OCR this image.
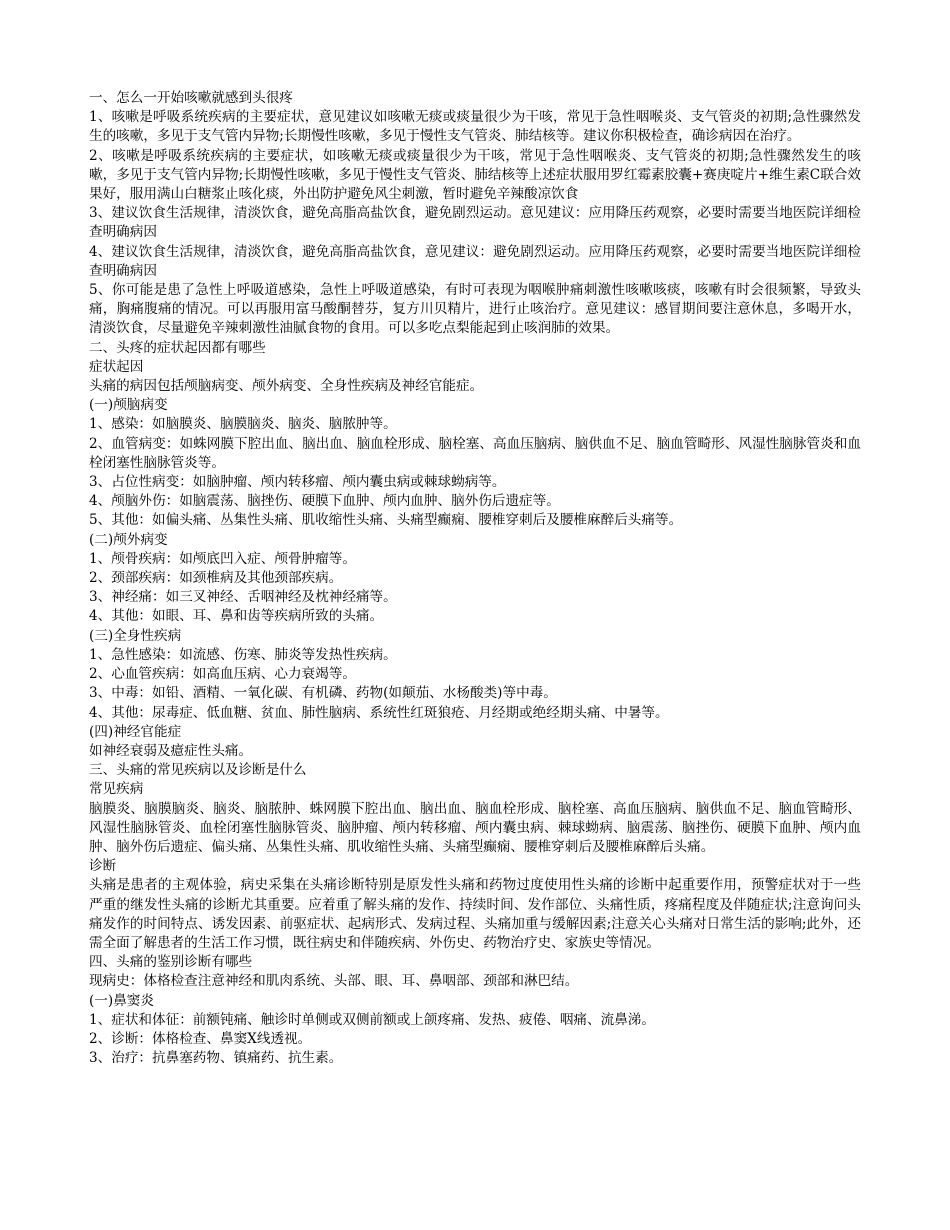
一、怎么一开始咳嗽就感到头很疼

1、咳嗽是呼吸系统疾病的主要症状，意见建议如咳嗽无痰或痰量很少为干咳，常见于急性咽喉炎、支气管炎的初期;急性骤然发生的咳嗽，多见于支气管内异物;长期慢性咳嗽，多见于慢性支气管炎、肺结核等。建议你积极检查，确诊病因在治疗。

2、咳嗽是呼吸系统疾病的主要症状，如咳嗽无痰或痰量很少为干咳，常见于急性咽喉炎、支气管炎的初期;急性骤然发生的咳嗽，多见于支气管内异物;长期慢性咳嗽，多见于慢性支气管炎、肺结核等上述症状服用罗红霉素胶囊+赛庚啶片+维生素C联合效果好，服用满山白糖浆止咳化痰，外出防护避免风尘刺激，暂时避免辛辣酸凉饮食

3、建议饮食生活规律，清淡饮食，避免高脂高盐饮食，避免剧烈运动。意见建议：应用降压药观察，必要时需要当地医院详细检查明确病因

4、建议饮食生活规律，清淡饮食，避免高脂高盐饮食，意见建议：避免剧烈运动。应用降压药观察，必要时需要当地医院详细检查明确病因

5、你可能是患了急性上呼吸道感染，急性上呼吸道感染，有时可表现为咽喉肿痛刺激性咳嗽咳痰，咳嗽有时会很频繁，导致头痛，胸痛腹痛的情况。可以再服用富马酸酮替芬，复方川贝精片，进行止咳治疗。意见建议：感冒期间要注意休息，多喝开水，清淡饮食，尽量避免辛辣刺激性油腻食物的食用。可以多吃点梨能起到止咳润肺的效果。

二、头疼的症状起因都有哪些

症状起因

头痛的病因包括颅脑病变、颅外病变、全身性疾病及神经官能症。

(一)颅脑病变

1、感染：如脑膜炎、脑膜脑炎、脑炎、脑脓肿等。

2、血管病变：如蛛网膜下腔出血、脑出血、脑血栓形成、脑栓塞、高血压脑病、脑供血不足、脑血管畸形、风湿性脑脉管炎和血栓闭塞性脑脉管炎等。

3、占位性病变：如脑肿瘤、颅内转移瘤、颅内囊虫病或棘球蚴病等。

4、颅脑外伤：如脑震荡、脑挫伤、硬膜下血肿、颅内血肿、脑外伤后遗症等。

5、其他：如偏头痛、丛集性头痛、肌收缩性头痛、头痛型癫痫、腰椎穿刺后及腰椎麻醉后头痛等。

(二)颅外病变

1、颅骨疾病：如颅底凹入症、颅骨肿瘤等。

2、颈部疾病：如颈椎病及其他颈部疾病。

3、神经痛：如三叉神经、舌咽神经及枕神经痛等。

4、其他：如眼、耳、鼻和齿等疾病所致的头痛。

(三)全身性疾病

1、急性感染：如流感、伤寒、肺炎等发热性疾病。

2、心血管疾病：如高血压病、心力衰竭等。

3、中毒：如铅、酒精、一氧化碳、有机磷、药物(如颠茄、水杨酸类)等中毒。

4、其他：尿毒症、低血糖、贫血、肺性脑病、系统性红斑狼疮、月经期或绝经期头痛、中暑等。

(四)神经官能症

如神经衰弱及癔症性头痛。

三、头痛的常见疾病以及诊断是什么

常见疾病

脑膜炎、脑膜脑炎、脑炎、脑脓肿、蛛网膜下腔出血、脑出血、脑血栓形成、脑栓塞、高血压脑病、脑供血不足、脑血管畸形、风湿性脑脉管炎、血栓闭塞性脑脉管炎、脑肿瘤、颅内转移瘤、颅内囊虫病、棘球蚴病、脑震荡、脑挫伤、硬膜下血肿、颅内血肿、脑外伤后遗症、偏头痛、丛集性头痛、肌收缩性头痛、头痛型癫痫、腰椎穿刺后及腰椎麻醉后头痛。

诊断

头痛是患者的主观体验，病史采集在头痛诊断特别是原发性头痛和药物过度使用性头痛的诊断中起重要作用，预警症状对于一些严重的继发性头痛的诊断尤其重要。应着重了解头痛的发作、持续时间、发作部位、头痛性质，疼痛程度及伴随症状;注意询问头痛发作的时间特点、诱发因素、前驱症状、起病形式、发病过程、头痛加重与缓解因素;注意关心头痛对日常生活的影响;此外，还需全面了解患者的生活工作习惯，既往病史和伴随疾病、外伤史、药物治疗史、家族史等情况。

四、头痛的鉴别诊断有哪些

现病史：体格检查注意神经和肌肉系统、头部、眼、耳、鼻咽部、颈部和淋巴结。

(一)鼻窦炎

1、症状和体征：前额钝痛、触诊时单侧或双侧前额或上颌疼痛、发热、疲倦、咽痛、流鼻涕。

2、诊断：体格检查、鼻窦X线透视。

3、治疗：抗鼻塞药物、镇痛药、抗生素。
